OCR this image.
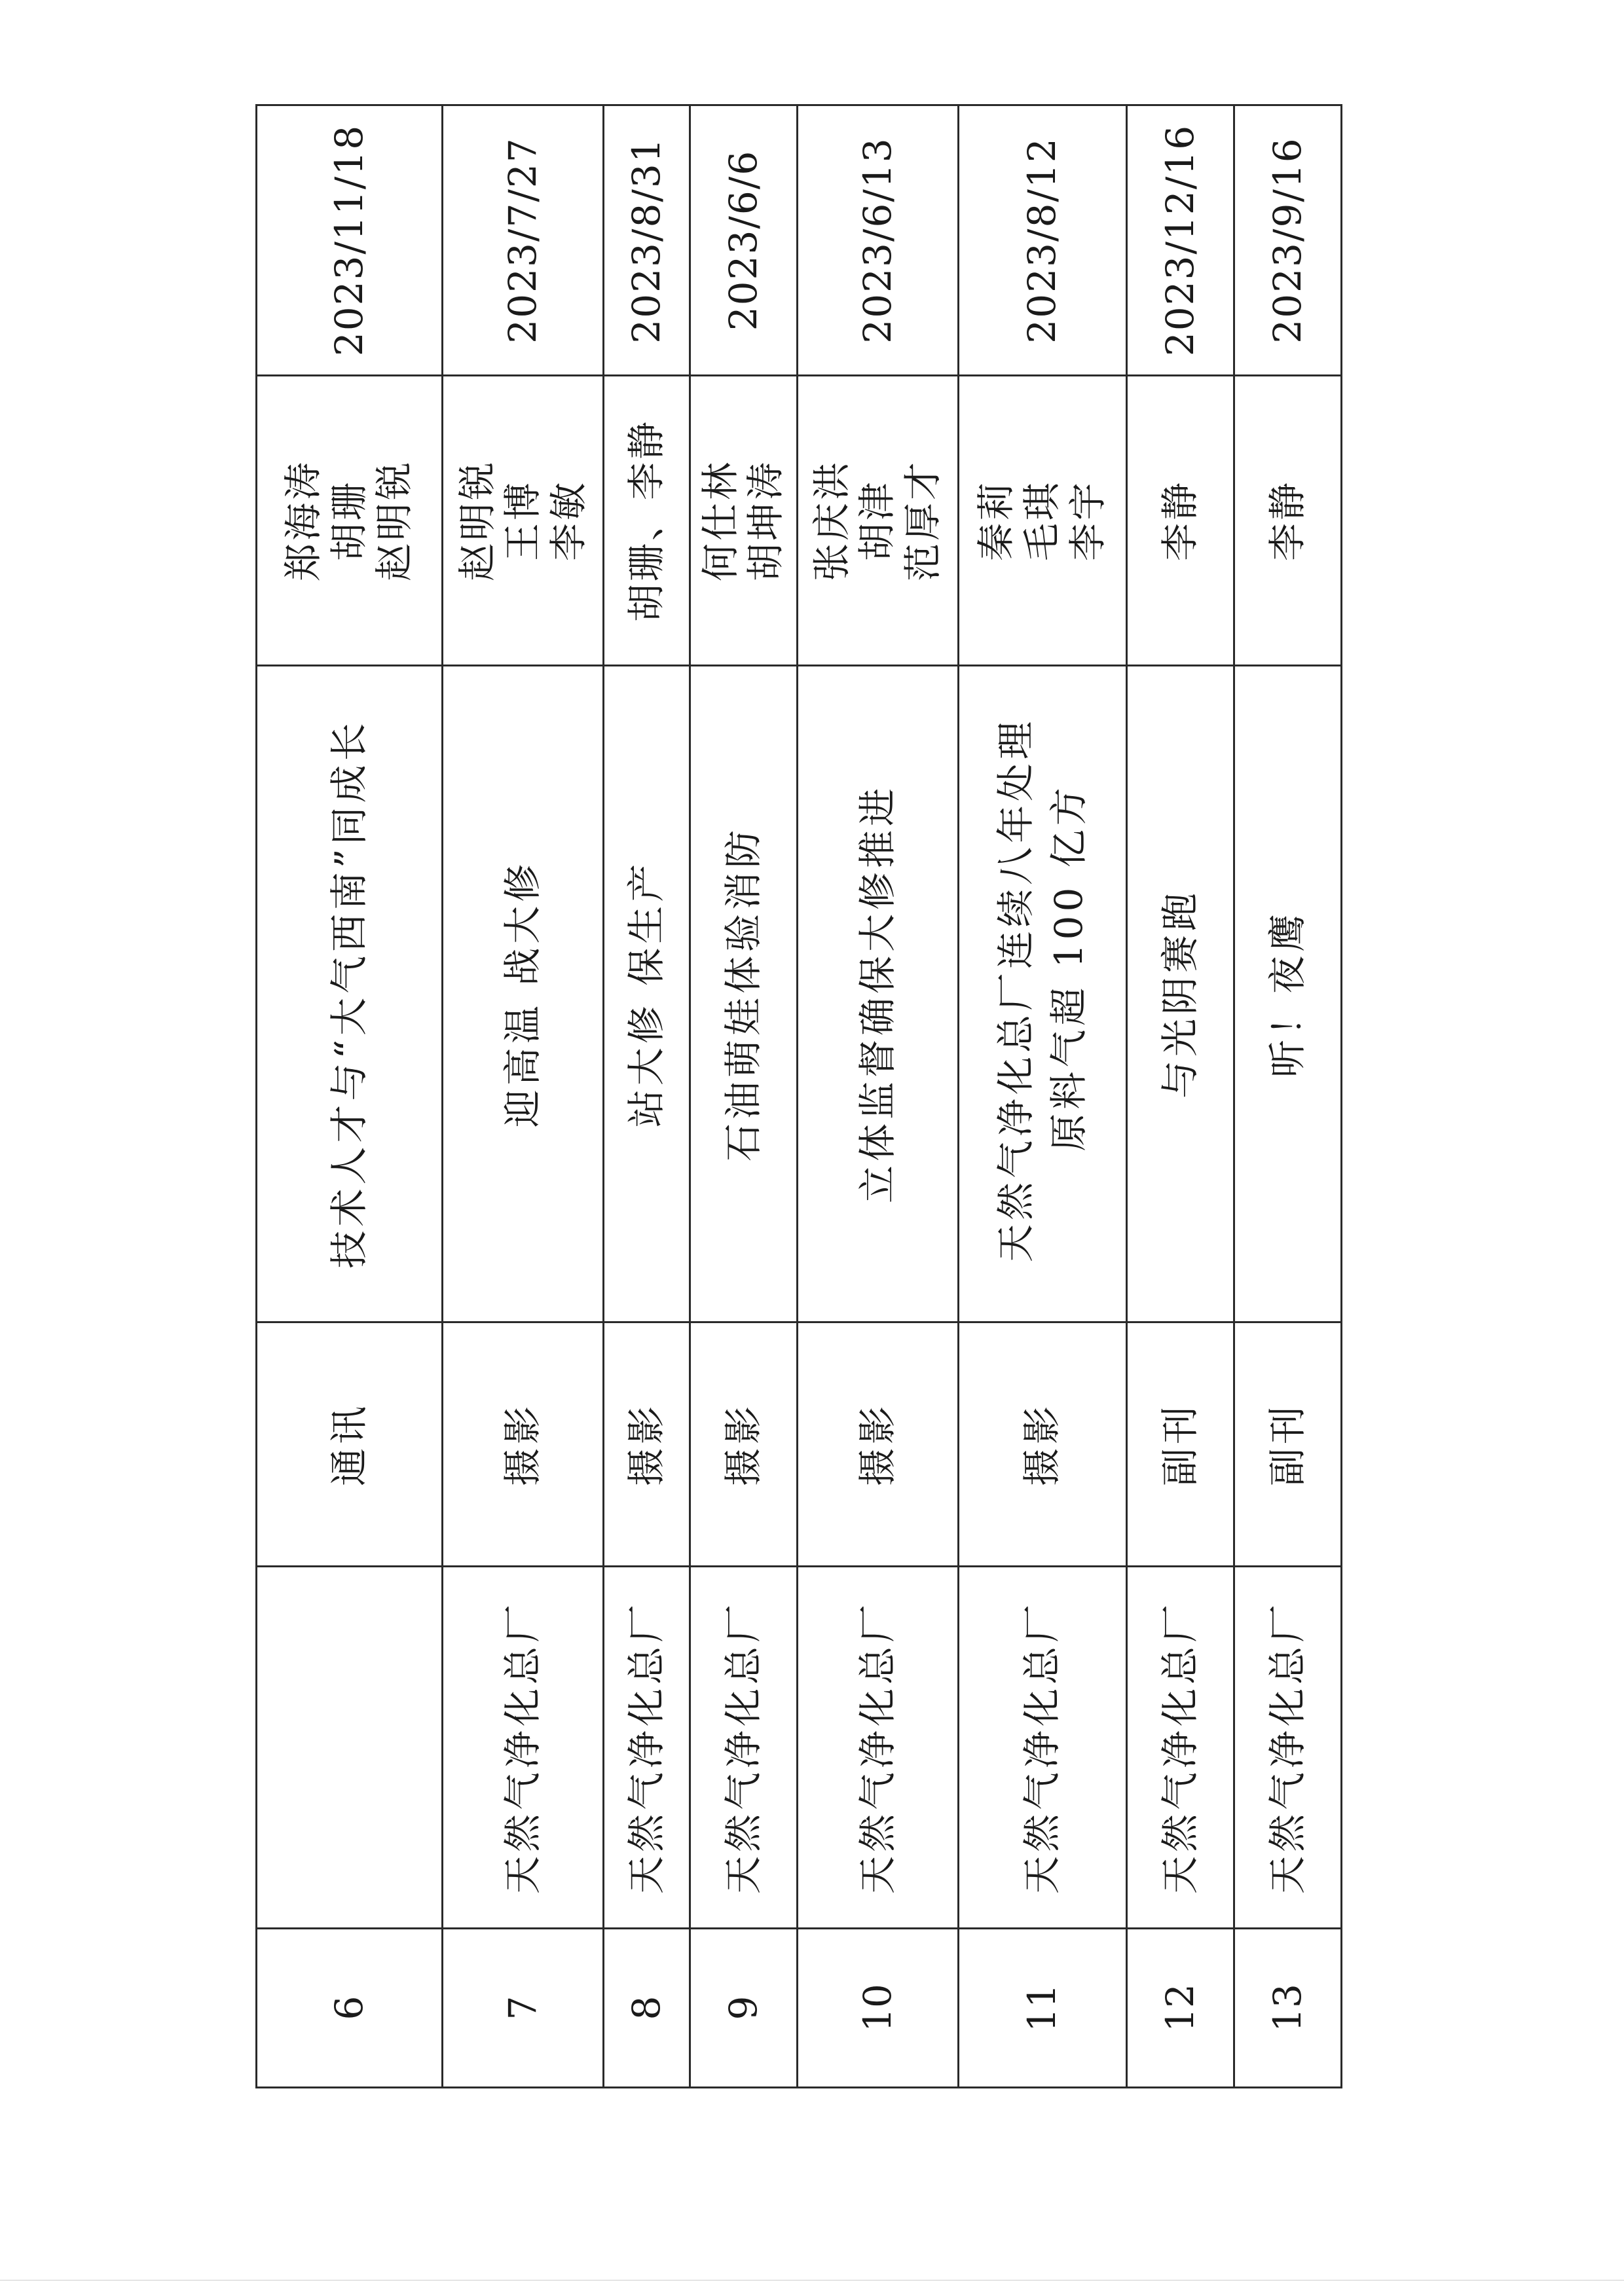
6		通讯	技术人才与“大气西南”同成长	郑海涛 胡珊 赵明锐	2023/11/18
7	天然气净化总厂	摄影	迎高温 战大修	赵明锐 王博 李敏	2023/7/27
8	天然气净化总厂	摄影	站大修 保生产	胡珊、李静	2023/8/31
9	天然气净化总厂	摄影	石油萌娃体验消防	何仕林 胡坤涛	2023/6/6
10	天然气净化总厂	摄影	立体监督确保大修推进	张庆洪 胡津 范厚才	2023/6/13
11	天然气净化总厂	摄影	天然气净化总厂连续八年处理 原料气超 100 亿方	秦莉 毛琪 李宇	2023/8/12
12	天然气净化总厂	副刊	与光阴赛跑	李静	2023/12/16
13	天然气净化总厂	副刊	听！夜鹰	李静	2023/9/16
